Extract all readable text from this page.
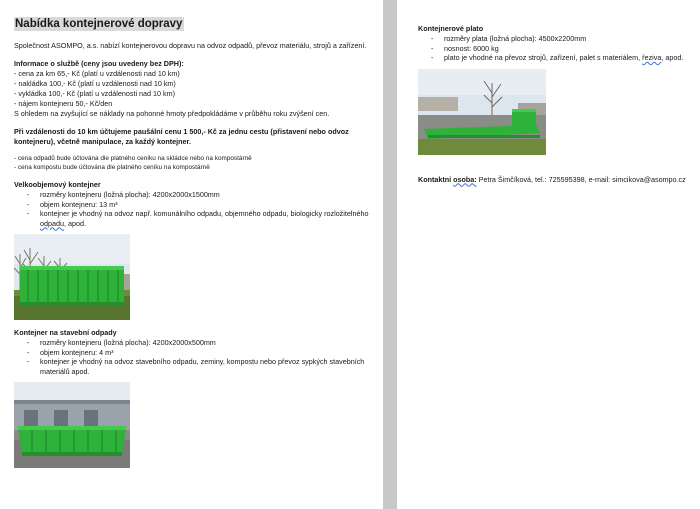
Nabídka kontejnerové dopravy

Společnost ASOMPO, a.s. nabízí kontejnerovou dopravu na odvoz odpadů, převoz materiálu, strojů a zařízení.

Informace o službě (ceny jsou uvedeny bez DPH):

- cena za km 65,- Kč (platí u vzdálenosti nad 10 km)

- nakládka 100,- Kč (platí u vzdálenosti nad 10 km)

- vykládka 100,- Kč (platí u vzdálenosti nad 10 km)

- nájem kontejneru 50,- Kč/den

S ohledem na zvyšující se náklady na pohonné hmoty předpokládáme v průběhu roku zvýšení cen.

Při vzdálenosti do 10 km účtujeme paušální cenu 1 500,- Kč za jednu cestu (přistavení nebo odvoz kontejneru), včetně manipulace, za každý kontejner.

- cena odpadů bude účtována dle platného ceníku na skládce nebo na kompostárně

- cena kompostu bude účtována dle platného ceníku na kompostárně

Velkoobjemový kontejner

- rozměry kontejneru (ložná plocha): 4200x2000x1500mm
- objem kontejneru: 13 m³
- kontejner je vhodný na odvoz např. komunálního odpadu, objemného odpadu, biologicky rozložitelného odpadu, apod.

Kontejner na stavební odpady

- rozměry kontejneru (ložná plocha): 4200x2000x500mm
- objem kontejneru: 4 m³
- kontejner je vhodný na odvoz stavebního odpadu, zeminy, kompostu nebo převoz sypkých stavebních materiálů apod.

Kontejnerové plato

- rozměry plata (ložná plocha): 4500x2200mm
- nosnost: 6000 kg
- plato je vhodné na převoz strojů, zařízení, palet s materiálem, řeziva, apod.

Kontaktní osoba: Petra Šimčíková, tel.: 725595398, e-mail: simcikova@asompo.cz
